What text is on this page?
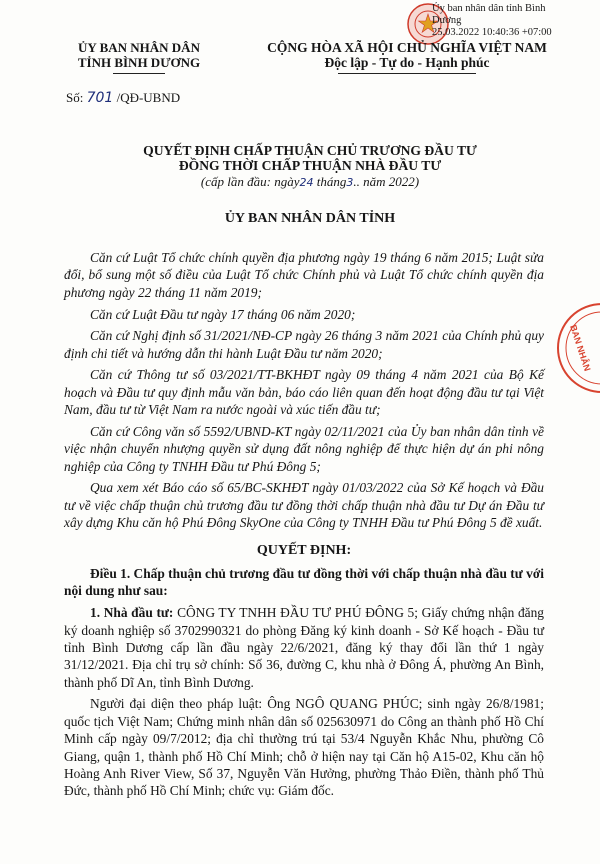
Ủy ban nhân dân tỉnh Bình
Dương
25.03.2022 10:40:36 +07:00
ỦY BAN NHÂN DÂN
TỈNH BÌNH DƯƠNG
CỘNG HÒA XÃ HỘI CHỦ NGHĨA VIỆT NAM
Độc lập - Tự do - Hạnh phúc
Số: 701 /QĐ-UBND
QUYẾT ĐỊNH CHẤP THUẬN CHỦ TRƯƠNG ĐẦU TƯ
ĐỒNG THỜI CHẤP THUẬN NHÀ ĐẦU TƯ
(cấp lần đầu: ngày24 tháng3.. năm 2022)
ỦY BAN NHÂN DÂN TỈNH

Căn cứ Luật Tổ chức chính quyền địa phương ngày 19 tháng 6 năm 2015; Luật sửa đổi, bổ sung một số điều của Luật Tổ chức Chính phủ và Luật Tổ chức chính quyền địa phương ngày 22 tháng 11 năm 2019;

Căn cứ Luật Đầu tư ngày 17 tháng 06 năm 2020;

Căn cứ Nghị định số 31/2021/NĐ-CP ngày 26 tháng 3 năm 2021 của Chính phủ quy định chi tiết và hướng dẫn thi hành Luật Đầu tư năm 2020;

Căn cứ Thông tư số 03/2021/TT-BKHĐT ngày 09 tháng 4 năm 2021 của Bộ Kế hoạch và Đầu tư quy định mẫu văn bản, báo cáo liên quan đến hoạt động đầu tư tại Việt Nam, đầu tư từ Việt Nam ra nước ngoài và xúc tiến đầu tư;

Căn cứ Công văn số 5592/UBND-KT ngày 02/11/2021 của Ủy ban nhân dân tỉnh về việc nhận chuyển nhượng quyền sử dụng đất nông nghiệp để thực hiện dự án phi nông nghiệp của Công ty TNHH Đầu tư Phú Đông 5;

Qua xem xét Báo cáo số 65/BC-SKHĐT ngày 01/03/2022 của Sở Kế hoạch và Đầu tư về việc chấp thuận chủ trương đầu tư đồng thời chấp thuận nhà đầu tư Dự án Đầu tư xây dựng Khu căn hộ Phú Đông SkyOne của Công ty TNHH Đầu tư Phú Đông 5 đề xuất.

QUYẾT ĐỊNH:

Điều 1. Chấp thuận chủ trương đầu tư đồng thời với chấp thuận nhà đầu tư với nội dung như sau:

1. Nhà đầu tư: CÔNG TY TNHH ĐẦU TƯ PHÚ ĐÔNG 5; Giấy chứng nhận đăng ký doanh nghiệp số 3702990321 do phòng Đăng ký kinh doanh - Sở Kế hoạch - Đầu tư tỉnh Bình Dương cấp lần đầu ngày 22/6/2021, đăng ký thay đổi lần thứ 1 ngày 31/12/2021. Địa chỉ trụ sở chính: Số 36, đường C, khu nhà ở Đông Á, phường An Bình, thành phố Dĩ An, tỉnh Bình Dương.

Người đại diện theo pháp luật: Ông NGÔ QUANG PHÚC; sinh ngày 26/8/1981; quốc tịch Việt Nam; Chứng minh nhân dân số 025630971 do Công an thành phố Hồ Chí Minh cấp ngày 09/7/2012; địa chỉ thường trú tại 53/4 Nguyễn Khắc Nhu, phường Cô Giang, quận 1, thành phố Hồ Chí Minh; chỗ ở hiện nay tại Căn hộ A15-02, Khu căn hộ Hoàng Anh River View, Số 37, Nguyễn Văn Hưởng, phường Thảo Điền, thành phố Thủ Đức, thành phố Hồ Chí Minh; chức vụ: Giám đốc.

BAN NHÂN
